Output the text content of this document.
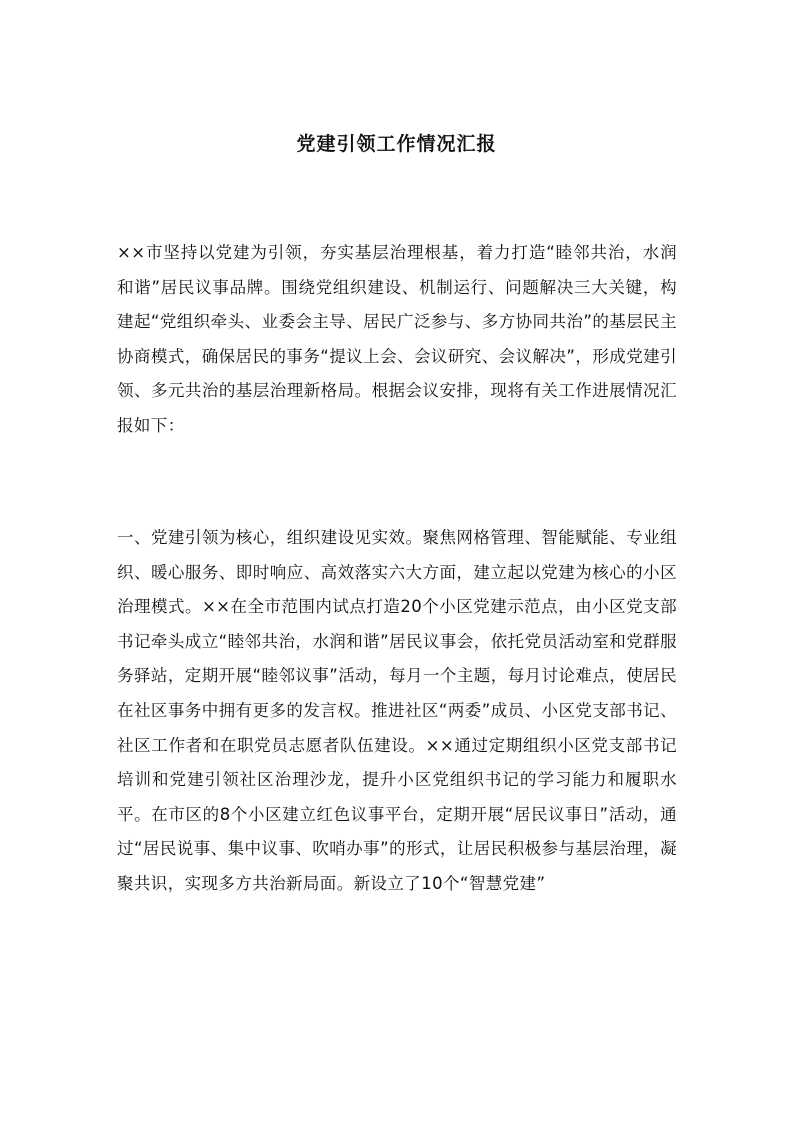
党建引领工作情况汇报

××市坚持以党建为引领，夯实基层治理根基，着力打造“睦邻共治，水润和谐”居民议事品牌。围绕党组织建设、机制运行、问题解决三大关键，构建起“党组织牵头、业委会主导、居民广泛参与、多方协同共治”的基层民主协商模式，确保居民的事务“提议上会、会议研究、会议解决”，形成党建引领、多元共治的基层治理新格局。根据会议安排，现将有关工作进展情况汇报如下：

一、党建引领为核心，组织建设见实效。聚焦网格管理、智能赋能、专业组织、暖心服务、即时响应、高效落实六大方面，建立起以党建为核心的小区治理模式。××在全市范围内试点打造20个小区党建示范点，由小区党支部书记牵头成立“睦邻共治，水润和谐”居民议事会，依托党员活动室和党群服务驿站，定期开展“睦邻议事”活动，每月一个主题，每月讨论难点，使居民在社区事务中拥有更多的发言权。推进社区“两委”成员、小区党支部书记、社区工作者和在职党员志愿者队伍建设。××通过定期组织小区党支部书记培训和党建引领社区治理沙龙，提升小区党组织书记的学习能力和履职水平。在市区的8个小区建立红色议事平台，定期开展“居民议事日”活动，通过“居民说事、集中议事、吹哨办事”的形式，让居民积极参与基层治理，凝聚共识，实现多方共治新局面。新设立了10个“智慧党建”
